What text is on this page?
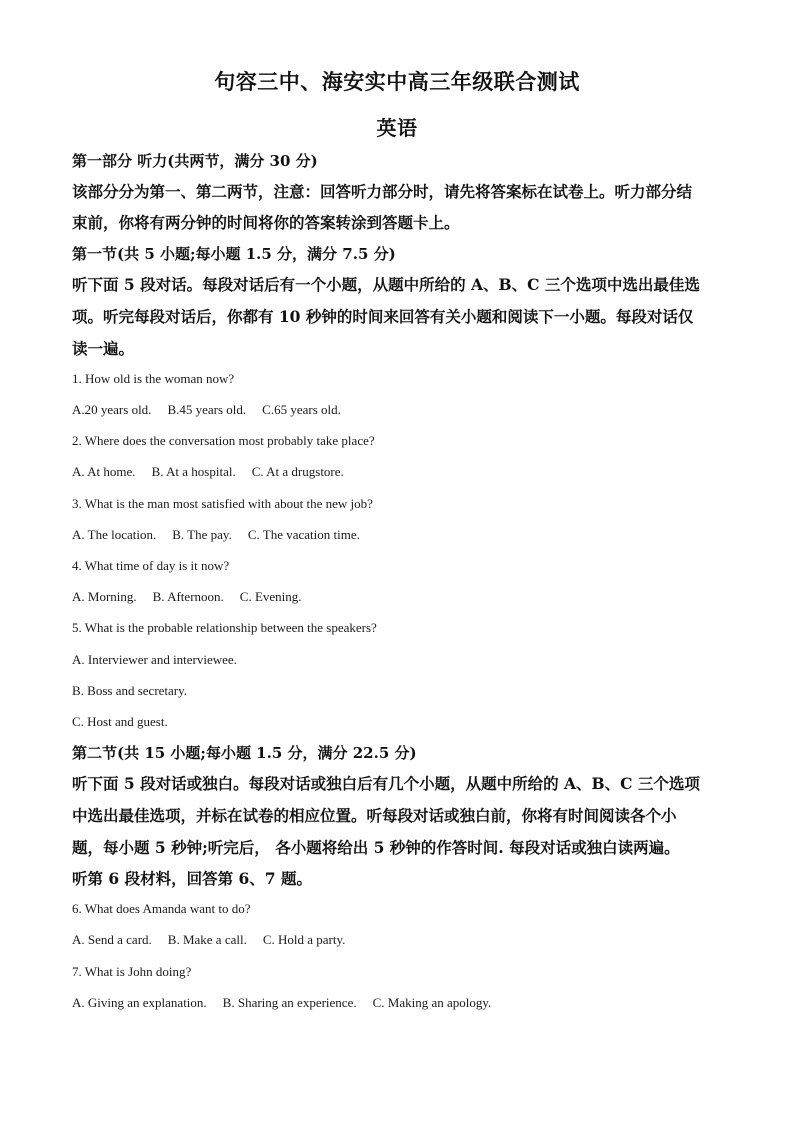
句容三中、海安实中高三年级联合测试
英语
第一部分 听力(共两节，满分 30 分)
该部分分为第一、第二两节，注意：回答听力部分时，请先将答案标在试卷上。听力部分结
束前，你将有两分钟的时间将你的答案转涂到答题卡上。
第一节(共 5 小题;每小题 1.5 分，满分 7.5 分)
听下面 5 段对话。每段对话后有一个小题，从题中所给的 A、B、C 三个选项中选出最佳选
项。听完每段对话后，你都有 10 秒钟的时间来回答有关小题和阅读下一小题。每段对话仅
读一遍。
1. How old is the woman now?
A.20 years old. B.45 years old. C.65 years old.
2. Where does the conversation most probably take place?
A. At home. B. At a hospital. C. At a drugstore.
3. What is the man most satisfied with about the new job?
A. The location. B. The pay. C. The vacation time.
4. What time of day is it now?
A. Morning. B. Afternoon. C. Evening.
5. What is the probable relationship between the speakers?
A. Interviewer and interviewee.
B. Boss and secretary.
C. Host and guest.
第二节(共 15 小题;每小题 1.5 分，满分 22.5 分)
听下面 5 段对话或独白。每段对话或独白后有几个小题，从题中所给的 A、B、C 三个选项
中选出最佳选项，并标在试卷的相应位置。听每段对话或独白前，你将有时间阅读各个小
题，每小题 5 秒钟;听完后， 各小题将给出 5 秒钟的作答时间. 每段对话或独白读两遍。
听第 6 段材料，回答第 6、7 题。
6. What does Amanda want to do?
A. Send a card. B. Make a call. C. Hold a party.
7. What is John doing?
A. Giving an explanation. B. Sharing an experience. C. Making an apology.
